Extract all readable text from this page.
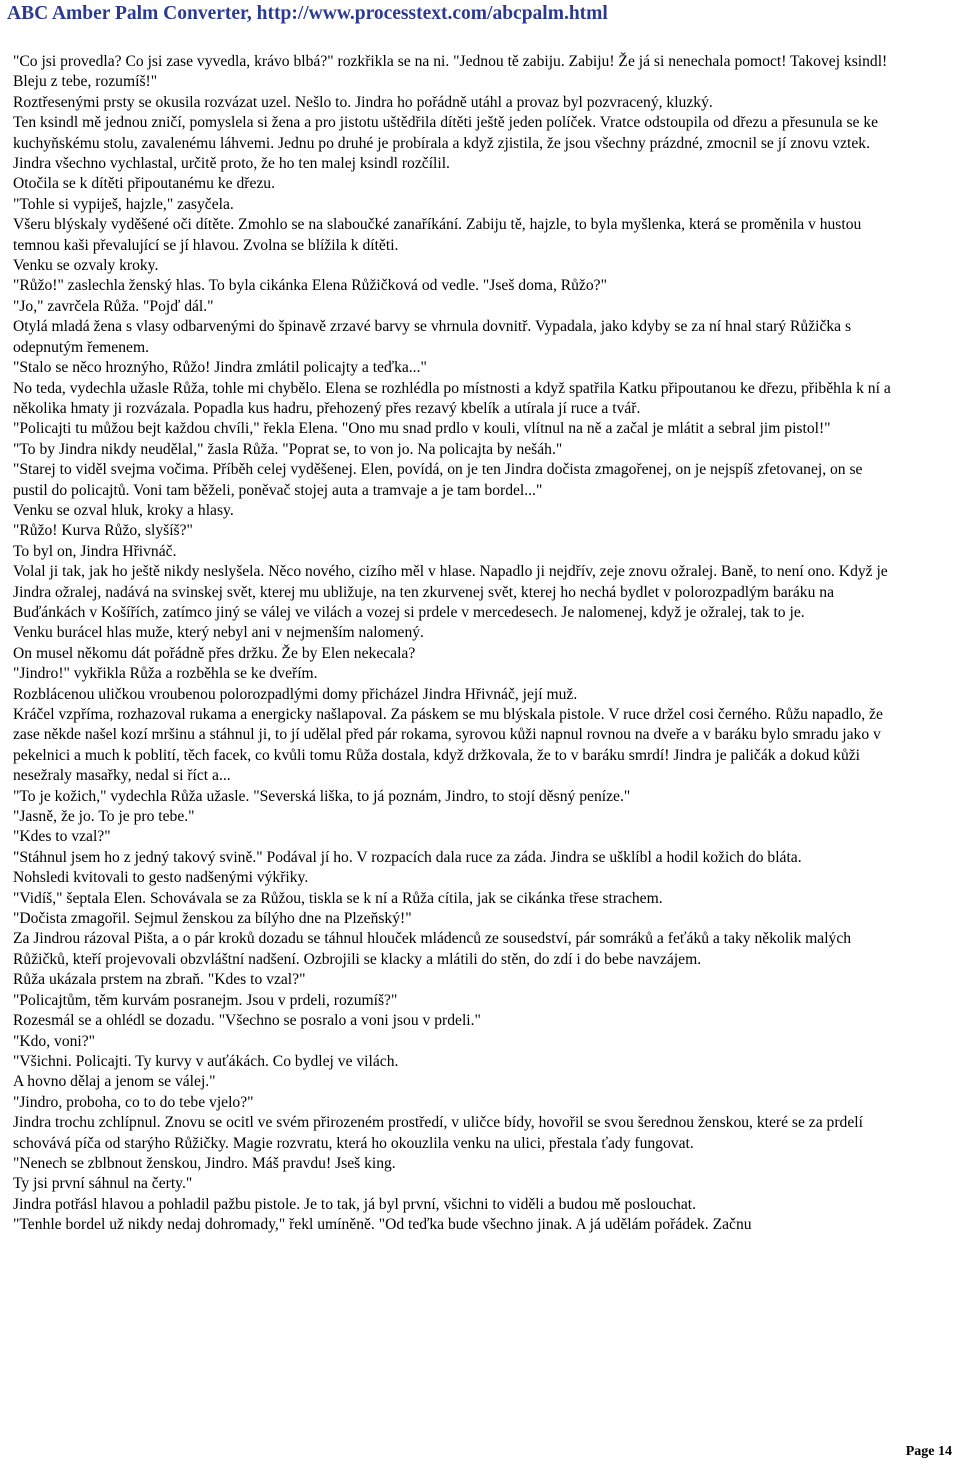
ABC Amber Palm Converter, http://www.processtext.com/abcpalm.html

"Co jsi provedla? Co jsi zase vyvedla, krávo blbá?" rozkřikla se na ni. "Jednou tě zabiju. Zabiju! Že já si nenechala pomoct! Takovej ksindl! Bleju z tebe, rozumíš!"

Roztřesenými prsty se okusila rozvázat uzel. Nešlo to. Jindra ho pořádně utáhl a provaz byl pozvracený, kluzký.

Ten ksindl mě jednou zničí, pomyslela si žena a pro jistotu uštědřila dítěti ještě jeden políček. Vratce odstoupila od dřezu a přesunula se ke kuchyňskému stolu, zavalenému láhvemi. Jednu po druhé je probírala a když zjistila, že jsou všechny prázdné, zmocnil se jí znovu vztek. Jindra všechno vychlastal, určitě proto, že ho ten malej ksindl rozčílil.

Otočila se k dítěti připoutanému ke dřezu.

"Tohle si vypiješ, hajzle," zasyčela.

Všeru blýskaly vyděšené oči dítěte. Zmohlo se na slaboučké zanaříkání. Zabiju tě, hajzle, to byla myšlenka, která se proměnila v hustou temnou kaši převalující se jí hlavou. Zvolna se blížila k dítěti.

Venku se ozvaly kroky.

"Růžo!" zaslechla ženský hlas. To byla cikánka Elena Růžičková od vedle. "Jseš doma, Růžo?"

"Jo," zavrčela Růža. "Pojď dál."

Otylá mladá žena s vlasy odbarvenými do špinavě zrzavé barvy se vhrnula dovnitř. Vypadala, jako kdyby se za ní hnal starý Růžička s odepnutým řemenem.

"Stalo se něco hroznýho, Růžo! Jindra zmlátil policajty a teďka..."

No teda, vydechla užasle Růža, tohle mi chybělo. Elena se rozhlédla po místnosti a když spatřila Katku připoutanou ke dřezu, přiběhla k ní a několika hmaty ji rozvázala. Popadla kus hadru, přehozený přes rezavý kbelík a utírala jí ruce a tvář.

"Policajti tu můžou bejt každou chvíli," řekla Elena. "Ono mu snad prdlo v kouli, vlítnul na ně a začal je mlátit a sebral jim pistol!"

"To by Jindra nikdy neudělal," žasla Růža. "Poprat se, to von jo. Na policajta by nešáh."

"Starej to viděl svejma vočima. Příběh celej vyděšenej. Elen, povídá, on je ten Jindra dočista zmagořenej, on je nejspíš zfetovanej, on se pustil do policajtů. Voni tam běželi, poněvač stojej auta a tramvaje a je tam bordel..."

Venku se ozval hluk, kroky a hlasy.

"Růžo! Kurva Růžo, slyšíš?"

To byl on, Jindra Hřivnáč.

Volal ji tak, jak ho ještě nikdy neslyšela. Něco nového, cizího měl v hlase. Napadlo ji nejdřív, zeje znovu ožralej. Baně, to není ono. Když je Jindra ožralej, nadává na svinskej svět, kterej mu ubližuje, na ten zkurvenej svět, kterej ho nechá bydlet v polorozpadlým baráku na Buďánkách v Košířích, zatímco jiný se válej ve vilách a vozej si prdele v mercedesech. Je nalomenej, když je ožralej, tak to je.

Venku burácel hlas muže, který nebyl ani v nejmenším nalomený.

On musel někomu dát pořádně přes držku. Že by Elen nekecala?

"Jindro!" vykřikla Růža a rozběhla se ke dveřím.

Rozblácenou uličkou vroubenou polorozpadlými domy přicházel Jindra Hřivnáč, její muž.

Kráčel vzpříma, rozhazoval rukama a energicky našlapoval. Za páskem se mu blýskala pistole. V ruce držel cosi černého. Růžu napadlo, že zase někde našel kozí mršinu a stáhnul ji, to jí udělal před pár rokama, syrovou kůži napnul rovnou na dveře a v baráku bylo smradu jako v pekelnici a much k poblití, těch facek, co kvůli tomu Růža dostala, když držkovala, že to v baráku smrdí! Jindra je paličák a dokud kůži nesežraly masařky, nedal si říct a...

"To je kožich," vydechla Růža užasle. "Severská liška, to já poznám, Jindro, to stojí děsný peníze."

"Jasně, že jo. To je pro tebe."

"Kdes to vzal?"

"Stáhnul jsem ho z jedný takový svině." Podával jí ho. V rozpacích dala ruce za záda. Jindra se ušklíbl a hodil kožich do bláta.

Nohsledi kvitovali to gesto nadšenými výkřiky.

"Vidíš," šeptala Elen. Schovávala se za Růžou, tiskla se k ní a Růža cítila, jak se cikánka třese strachem.

"Dočista zmagořil. Sejmul ženskou za bílýho dne na Plzeňský!"

Za Jindrou rázoval Pišta, a o pár kroků dozadu se táhnul hlouček mládenců ze sousedství, pár somráků a feťáků a taky několik malých Růžičků, kteří projevovali obzvláštní nadšení. Ozbrojili se klacky a mlátili do stěn, do zdí i do bebe navzájem.

Růža ukázala prstem na zbraň. "Kdes to vzal?"

"Policajtům, těm kurvám posranejm. Jsou v prdeli, rozumíš?"

Rozesmál se a ohlédl se dozadu. "Všechno se posralo a voni jsou v prdeli."

"Kdo, voni?"

"Všichni. Policajti. Ty kurvy v auťákách. Co bydlej ve vilách.

A hovno dělaj a jenom se válej."

"Jindro, proboha, co to do tebe vjelo?"

Jindra trochu zchlípnul. Znovu se ocitl ve svém přirozeném prostředí, v uličce bídy, hovořil se svou šerednou ženskou, které se za prdelí schovává píča od starýho Růžičky. Magie rozvratu, která ho okouzlila venku na ulici, přestala ťady fungovat.

"Nenech se zblbnout ženskou, Jindro. Máš pravdu! Jseš king.

Ty jsi první sáhnul na čerty."

Jindra potřásl hlavou a pohladil pažbu pistole. Je to tak, já byl první, všichni to viděli a budou mě poslouchat.

"Tenhle bordel už nikdy nedaj dohromady," řekl umíněně. "Od teďka bude všechno jinak. A já udělám pořádek. Začnu

Page 14
